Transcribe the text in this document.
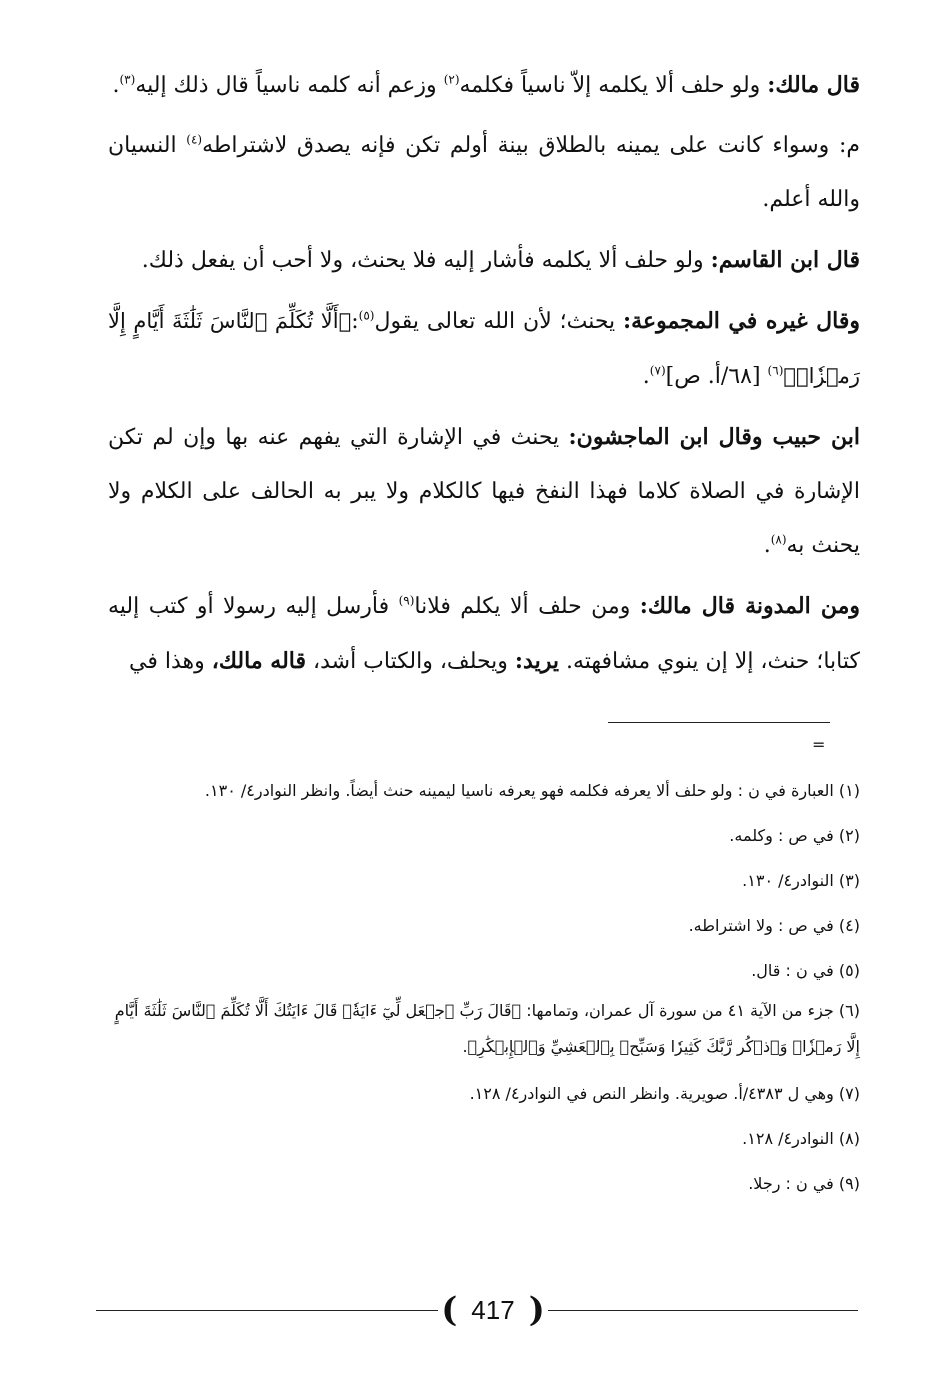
قال مالك: ولو حلف ألا يكلمه إلاّ ناسياً فكلمه$^{(٢)}$ وزعم أنه كلمه ناسياً قال ذلك إليه$^{(٣)}$.

م: وسواء كانت على يمينه بالطلاق بينة أولم تكن فإنه يصدق لاشتراطه$^{(٤)}$ النسيان والله أعلم.

قال ابن القاسم: ولو حلف ألا يكلمه فأشار إليه فلا يحنث، ولا أحب أن يفعل ذلك.

وقال غيره في المجموعة: يحنث؛ لأن الله تعالى يقول$^{(٥)}$:﴿أَلَّا تُكَلِّمَ ٱلنَّاسَ ثَلَٰثَةَ أَيَّامٍ إِلَّا رَمۡزٗاۗ﴾$^{(٦)}$ [٦٨/أ. ص]$^{(٧)}$.

ابن حبيب وقال ابن الماجشون: يحنث في الإشارة التي يفهم عنه بها وإن لم تكن الإشارة في الصلاة كلاما فهذا النفخ فيها كالكلام ولا يبر به الحالف على الكلام ولا يحنث به$^{(٨)}$.

ومن المدونة قال مالك: ومن حلف ألا يكلم فلانا$^{(٩)}$ فأرسل إليه رسولا أو كتب إليه كتابا؛ حنث، إلا إن ينوي مشافهته. يريد: ويحلف، والكتاب أشد، قاله مالك، وهذا في

=

(١) العبارة في ن : ولو حلف ألا يعرفه فكلمه فهو يعرفه ناسيا ليمينه حنث أيضاً. وانظر النوادر٤/ ١٣٠.

(٢) في ص : وكلمه.

(٣) النوادر٤/ ١٣٠.

(٤) في ص : ولا اشتراطه.

(٥) في ن : قال.

(٦) جزء من الآية ٤١ من سورة آل عمران، وتمامها: ﴿قَالَ رَبِّ ٱجۡعَل لِّيٓ ءَايَةٗۖ قَالَ ءَايَتُكَ أَلَّا تُكَلِّمَ ٱلنَّاسَ ثَلَٰثَةَ أَيَّامٍ إِلَّا رَمۡزٗاۗ وَٱذۡكُر رَّبَّكَ كَثِيرٗا وَسَبِّحۡ بِٱلۡعَشِيِّ وَٱلۡإِبۡكَٰرِ﴾.

(٧) وهي ل ٤٣٨٣/أ. صويرية. وانظر النص في النوادر٤/ ١٢٨.

(٨) النوادر٤/ ١٢٨.

(٩) في ن : رجلا.

( 417 )
